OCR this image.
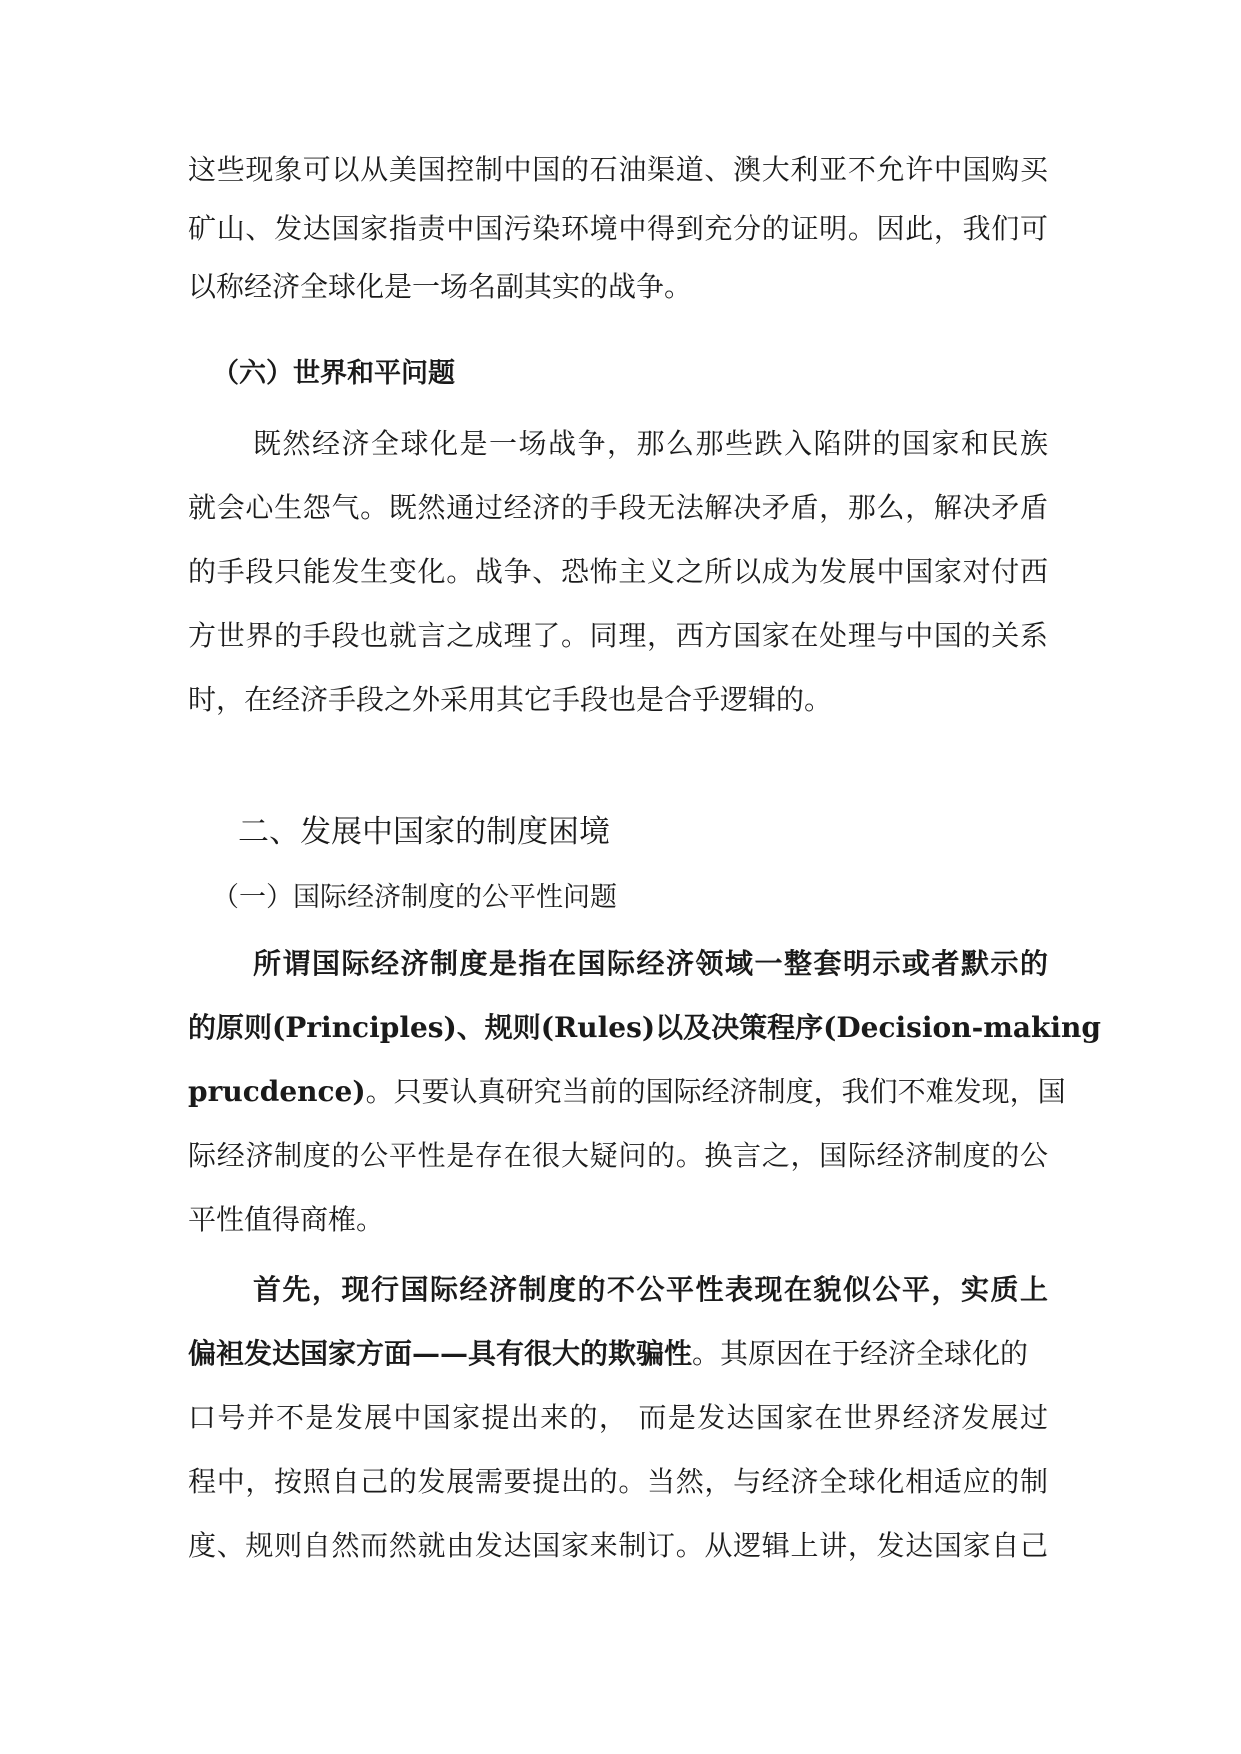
这些现象可以从美国控制中国的石油渠道、澳大利亚不允许中国购买

矿山、发达国家指责中国污染环境中得到充分的证明。因此，我们可

以称经济全球化是一场名副其实的战争。

（六）世界和平问题

既然经济全球化是一场战争，那么那些跌入陷阱的国家和民族

就会心生怨气。既然通过经济的手段无法解决矛盾，那么，解决矛盾

的手段只能发生变化。战争、恐怖主义之所以成为发展中国家对付西

方世界的手段也就言之成理了。同理，西方国家在处理与中国的关系

时，在经济手段之外采用其它手段也是合乎逻辑的。

二、发展中国家的制度困境

（一）国际经济制度的公平性问题

所谓国际经济制度是指在国际经济领域一整套明示或者默示的

的原则(Principles)、规则(Rules)以及决策程序(Decision-making

prucdence)。只要认真研究当前的国际经济制度，我们不难发现，国

际经济制度的公平性是存在很大疑问的。换言之，国际经济制度的公

平性值得商榷。

首先，现行国际经济制度的不公平性表现在貌似公平，实质上

偏袒发达国家方面——具有很大的欺骗性。其原因在于经济全球化的

口号并不是发展中国家提出来的， 而是发达国家在世界经济发展过

程中，按照自己的发展需要提出的。当然，与经济全球化相适应的制

度、规则自然而然就由发达国家来制订。从逻辑上讲，发达国家自己
